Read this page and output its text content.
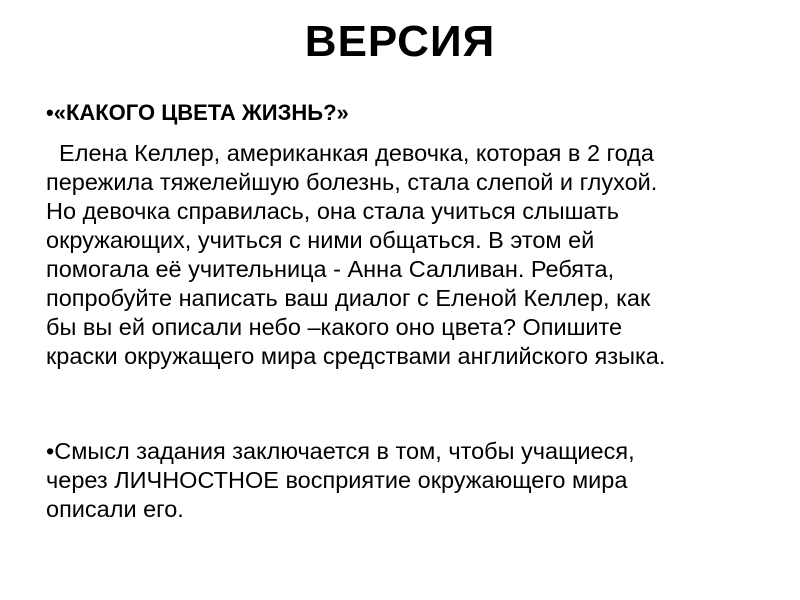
ВЕРСИЯ
•«КАКОГО ЦВЕТА ЖИЗНЬ?»
Елена Келлер, американкая девочка, которая в 2 года
пережила тяжелейшую болезнь, стала слепой и глухой.
Но девочка справилась, она стала учиться слышать
окружающих, учиться с ними общаться. В этом ей
помогала её учительница - Анна Салливан. Ребята,
попробуйте написать ваш диалог с Еленой Келлер, как
бы вы ей описали небо –какого оно цвета? Опишите
краски окружащего мира средствами английского языка.
•Смысл задания заключается в том, чтобы учащиеся,
через ЛИЧНОСТНОЕ восприятие окружающего мира
описали его.
